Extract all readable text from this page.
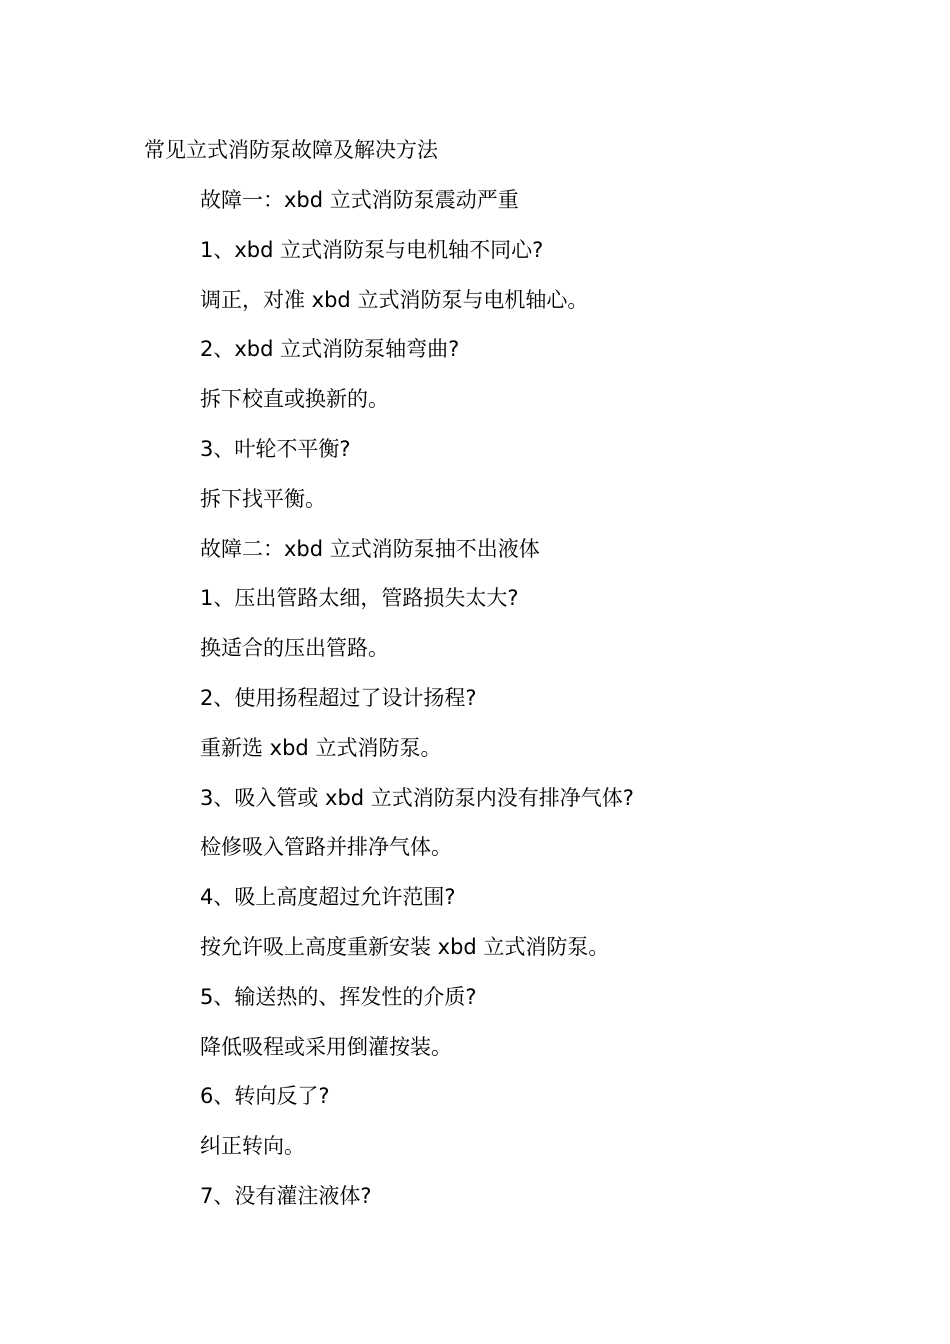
常见立式消防泵故障及解决方法
故障一：xbd 立式消防泵震动严重
1、xbd 立式消防泵与电机轴不同心?
调正，对准 xbd 立式消防泵与电机轴心。
2、xbd 立式消防泵轴弯曲?
拆下校直或换新的。
3、叶轮不平衡?
拆下找平衡。
故障二：xbd 立式消防泵抽不出液体
1、压出管路太细，管路损失太大?
换适合的压出管路。
2、使用扬程超过了设计扬程?
重新选 xbd 立式消防泵。
3、吸入管或 xbd 立式消防泵内没有排净气体?
检修吸入管路并排净气体。
4、吸上高度超过允许范围?
按允许吸上高度重新安装 xbd 立式消防泵。
5、输送热的、挥发性的介质?
降低吸程或采用倒灌按装。
6、转向反了?
纠正转向。
7、没有灌注液体?
